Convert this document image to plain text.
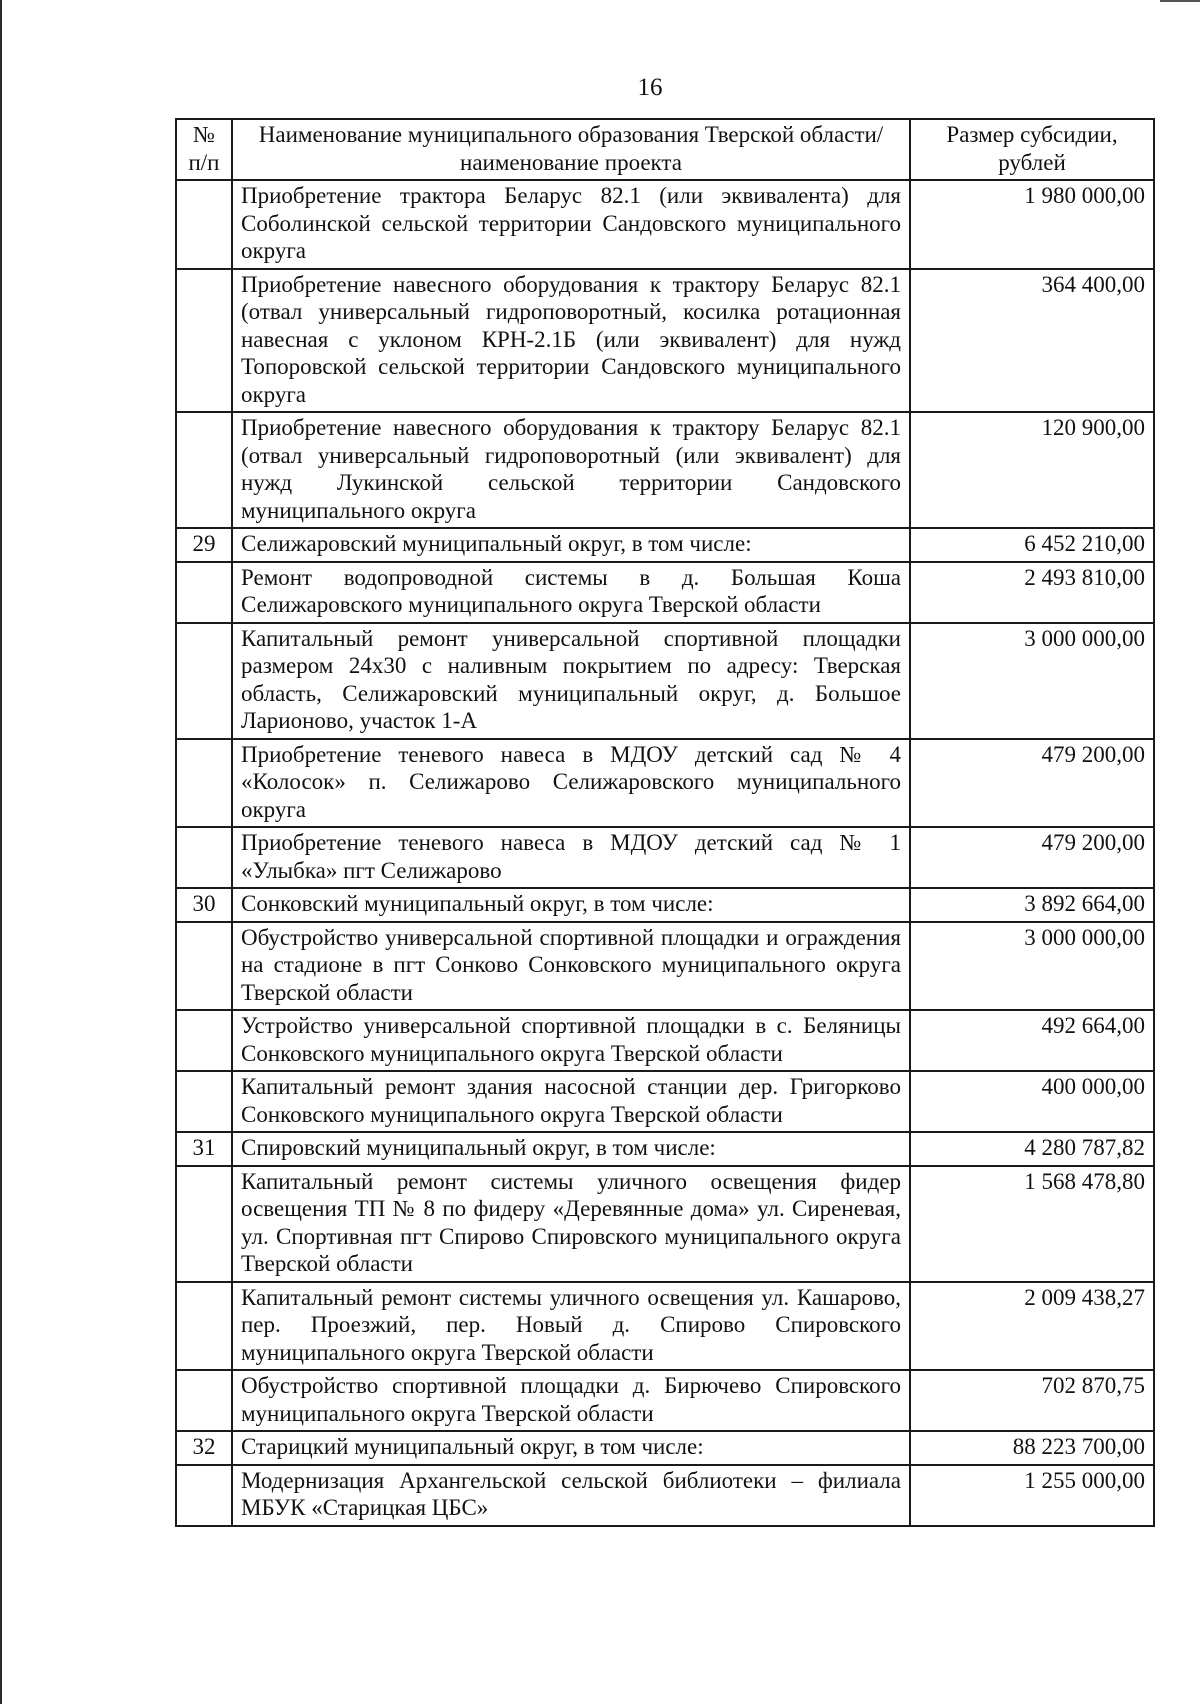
16
№ п/п	Наименование муниципального образования Тверской области/наименование проекта	Размер субсидии, рублей
	Приобретение трактора Беларус 82.1 (или эквивалента) для Соболинской сельской территории Сандовского муниципального округа	1 980 000,00
	Приобретение навесного оборудования к трактору Беларус 82.1 (отвал универсальный гидроповоротный, косилка ротационная навесная с уклоном КРН-2.1Б (или эквивалент) для нужд Топоровской сельской территории Сандовского муниципального округа	364 400,00
	Приобретение навесного оборудования к трактору Беларус 82.1 (отвал универсальный гидроповоротный (или эквивалент) для нужд Лукинской сельской территории Сандовского муниципального округа	120 900,00
29	Селижаровский муниципальный округ, в том числе:	6 452 210,00
	Ремонт водопроводной системы в д. Большая Коша Селижаровского муниципального округа Тверской области	2 493 810,00
	Капитальный ремонт универсальной спортивной площадки размером 24х30 с наливным покрытием по адресу: Тверская область, Селижаровский муниципальный округ, д. Большое Ларионово, участок 1-А	3 000 000,00
	Приобретение теневого навеса в МДОУ детский сад № 4 «Колосок» п. Селижарово Селижаровского муниципального округа	479 200,00
	Приобретение теневого навеса в МДОУ детский сад № 1 «Улыбка» пгт Селижарово	479 200,00
30	Сонковский муниципальный округ, в том числе:	3 892 664,00
	Обустройство универсальной спортивной площадки и ограждения на стадионе в пгт Сонково Сонковского муниципального округа Тверской области	3 000 000,00
	Устройство универсальной спортивной площадки в с. Беляницы Сонковского муниципального округа Тверской области	492 664,00
	Капитальный ремонт здания насосной станции дер. Григорково Сонковского муниципального округа Тверской области	400 000,00
31	Спировский муниципальный округ, в том числе:	4 280 787,82
	Капитальный ремонт системы уличного освещения фидер освещения ТП № 8 по фидеру «Деревянные дома» ул. Сиреневая, ул. Спортивная пгт Спирово Спировского муниципального округа Тверской области	1 568 478,80
	Капитальный ремонт системы уличного освещения ул. Кашарово, пер. Проезжий, пер. Новый д. Спирово Спировского муниципального округа Тверской области	2 009 438,27
	Обустройство спортивной площадки д. Бирючево Спировского муниципального округа Тверской области	702 870,75
32	Старицкий муниципальный округ, в том числе:	88 223 700,00
	Модернизация Архангельской сельской библиотеки – филиала МБУК «Старицкая ЦБС»	1 255 000,00
